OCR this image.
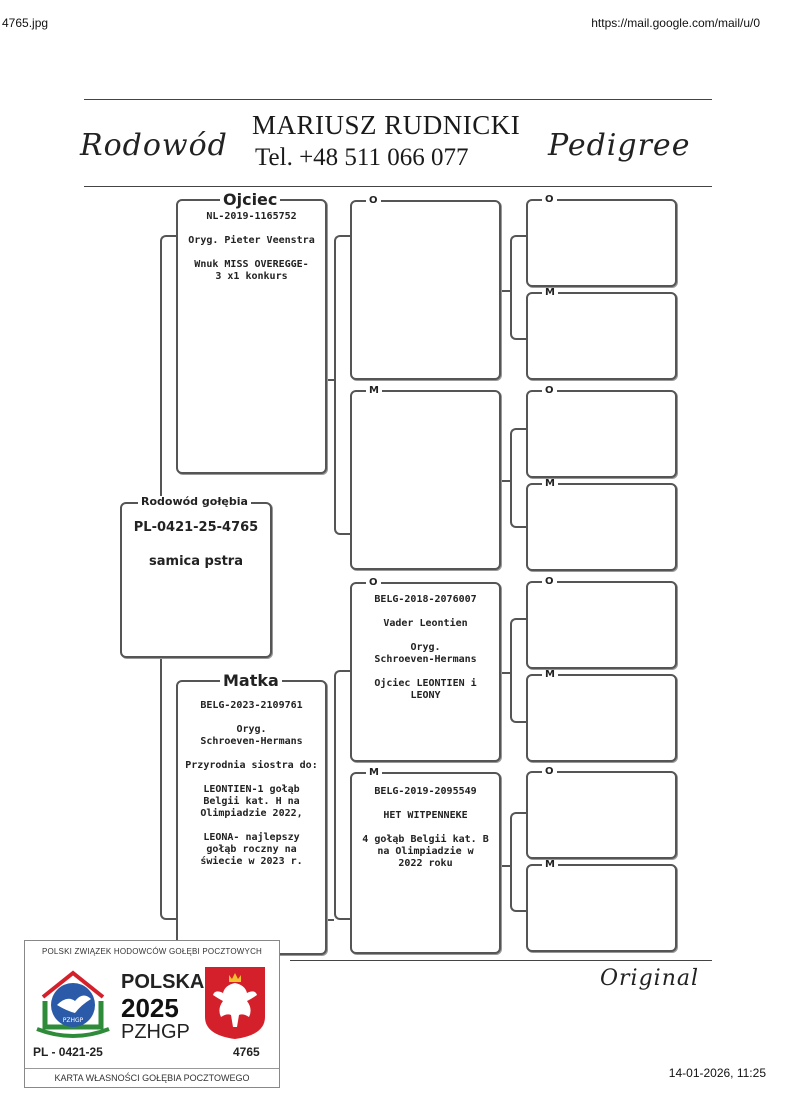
4765.jpg	https://mail.google.com/mail/u/0
14-01-2026, 11:25
Rodowód	Pedigree
MARIUSZ RUDNICKI
Tel. +48 511 066 077
Rodowód gołębia
PL-0421-25-4765
samica pstra
Ojciec
NL-2019-1165752
Oryg. Pieter Veenstra
Wnuk MISS OVEREGGE-
3 x1 konkurs
Matka
BELG-2023-2109761
Oryg.
Schroeven-Hermans
Przyrodnia siostra do:
LEONTIEN-1 gołąb
Belgii kat. H na
Olimpiadzie 2022,
LEONA- najlepszy
gołąb roczny na
świecie w 2023 r.
O
M
O
BELG-2018-2076007
Vader Leontien
Oryg.
Schroeven-Hermans
Ojciec LEONTIEN i
LEONY
M
BELG-2019-2095549
HET WITPENNEKE
4 gołąb Belgii kat. B
na Olimpiadzie w
2022 roku
O
M
O
M
O
M
O
M
Original
POLSKI ZWIĄZEK HODOWCÓW GOŁĘBI POCZTOWYCH
PZHGP
POLSKA
2025
PZHGP
PL - 0421-25	4765
KARTA WŁASNOŚCI GOŁĘBIA POCZTOWEGO
